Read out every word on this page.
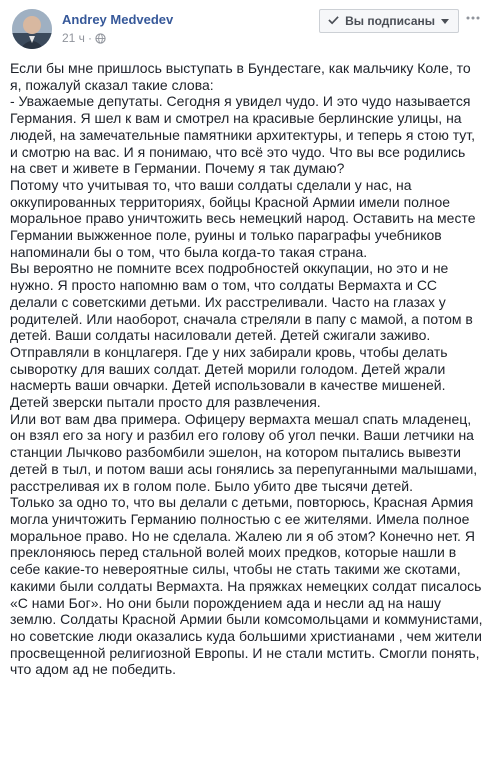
Andrey Medvedev
21 ч ·
Вы подписаны

Если бы мне пришлось выступать в Бундестаге, как мальчику Коле, то я, пожалуй сказал такие слова:

- Уважаемые депутаты. Сегодня я увидел чудо. И это чудо называется Германия. Я шел к вам и смотрел на красивые берлинские улицы, на людей, на замечательные памятники архитектуры, и теперь я стою тут, и смотрю на вас. И я понимаю, что всё это чудо. Что вы все родились на свет и живете в Германии. Почему я так думаю?

Потому что учитывая то, что ваши солдаты сделали у нас, на оккупированных территориях, бойцы Красной Армии имели полное моральное право уничтожить весь немецкий народ. Оставить на месте Германии выжженное поле, руины и только параграфы учебников напоминали бы о том, что была когда-то такая страна.

Вы вероятно не помните всех подробностей оккупации, но это и не нужно. Я просто напомню вам о том, что солдаты Вермахта и СС делали с советскими детьми. Их расстреливали. Часто на глазах у родителей. Или наоборот, сначала стреляли в папу с мамой, а потом в детей. Ваши солдаты насиловали детей. Детей сжигали заживо. Отправляли в концлагеря. Где у них забирали кровь, чтобы делать сыворотку для ваших солдат. Детей морили голодом. Детей жрали насмерть ваши овчарки. Детей использовали в качестве мишеней. Детей зверски пытали просто для развлечения.

Или вот вам два примера. Офицеру вермахта мешал спать младенец, он взял его за ногу и разбил его голову об угол печки. Ваши летчики на станции Лычково разбомбили эшелон, на котором пытались вывезти детей в тыл, и потом ваши асы гонялись за перепуганными малышами, расстреливая их в голом поле. Было убито две тысячи детей.

Только за одно то, что вы делали с детьми, повторюсь, Красная Армия могла уничтожить Германию полностью с ее жителями. Имела полное моральное право. Но не сделала. Жалею ли я об этом? Конечно нет. Я преклоняюсь перед стальной волей моих предков, которые нашли в себе какие-то невероятные силы, чтобы не стать такими же скотами, какими были солдаты Вермахта. На пряжках немецких солдат писалось «С нами Бог». Но они были порождением ада и несли ад на нашу землю. Солдаты Красной Армии были комсомольцами и коммунистами, но советские люди оказались куда большими христианами , чем жители просвещенной религиозной Европы. И не стали мстить. Смогли понять, что адом ад не победить.
